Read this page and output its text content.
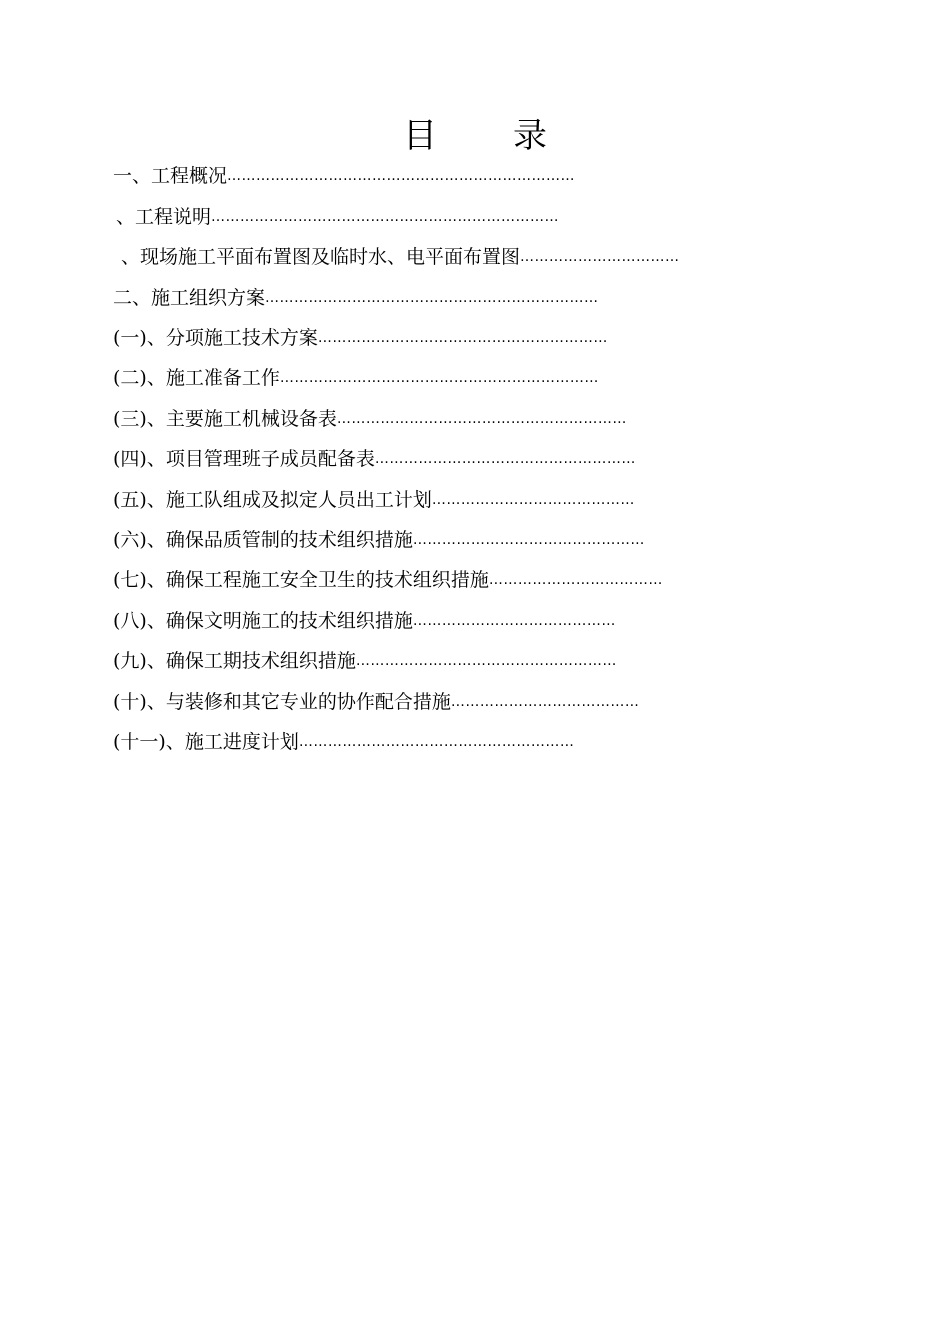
目 录
一、工程概况………………………………………………………………
、工程说明………………………………………………………………
、现场施工平面布置图及临时水、电平面布置图……………………………
二、施工组织方案……………………………………………………………
(一)、分项施工技术方案……………………………………………………
(二)、施工准备工作…………………………………………………………
(三)、主要施工机械设备表……………………………………………………
(四)、项目管理班子成员配备表………………………………………………
(五)、施工队组成及拟定人员出工计划……………………………………
(六)、确保品质管制的技术组织措施…………………………………………
(七)、确保工程施工安全卫生的技术组织措施………………………………
(八)、确保文明施工的技术组织措施……………………………………
(九)、确保工期技术组织措施………………………………………………
(十)、与装修和其它专业的协作配合措施…………………………………
(十一)、施工进度计划…………………………………………………
